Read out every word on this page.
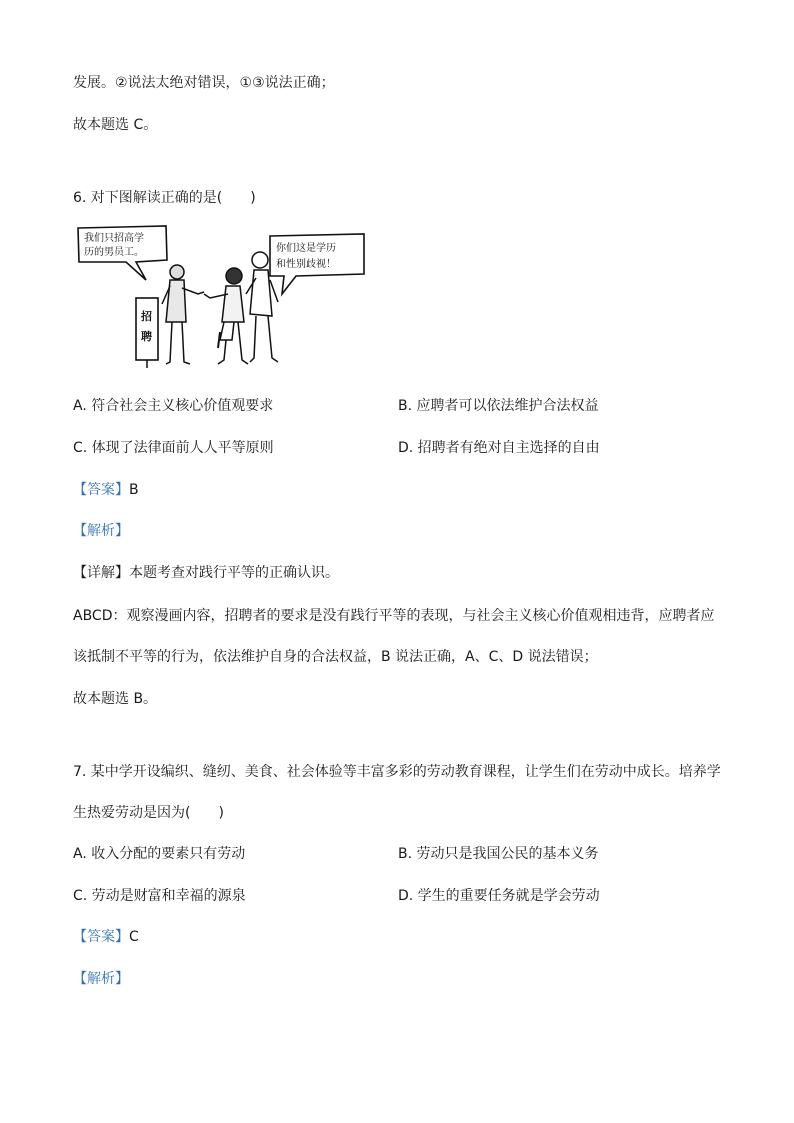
发展。②说法太绝对错误，①③说法正确；
故本题选 C。
6. 对下图解读正确的是(　　)
我们只招高学
历的男员工。	你们这是学历
和性别歧视！
招
聘
A. 符合社会主义核心价值观要求	B. 应聘者可以依法维护合法权益
C. 体现了法律面前人人平等原则	D. 招聘者有绝对自主选择的自由
【答案】B
【解析】
【详解】本题考查对践行平等的正确认识。
ABCD：观察漫画内容，招聘者的要求是没有践行平等的表现，与社会主义核心价值观相违背，应聘者应
该抵制不平等的行为，依法维护自身的合法权益，B 说法正确，A、C、D 说法错误；
故本题选 B。
7. 某中学开设编织、缝纫、美食、社会体验等丰富多彩的劳动教育课程，让学生们在劳动中成长。培养学
生热爱劳动是因为(　　)
A. 收入分配的要素只有劳动	B. 劳动只是我国公民的基本义务
C. 劳动是财富和幸福的源泉	D. 学生的重要任务就是学会劳动
【答案】C
【解析】
